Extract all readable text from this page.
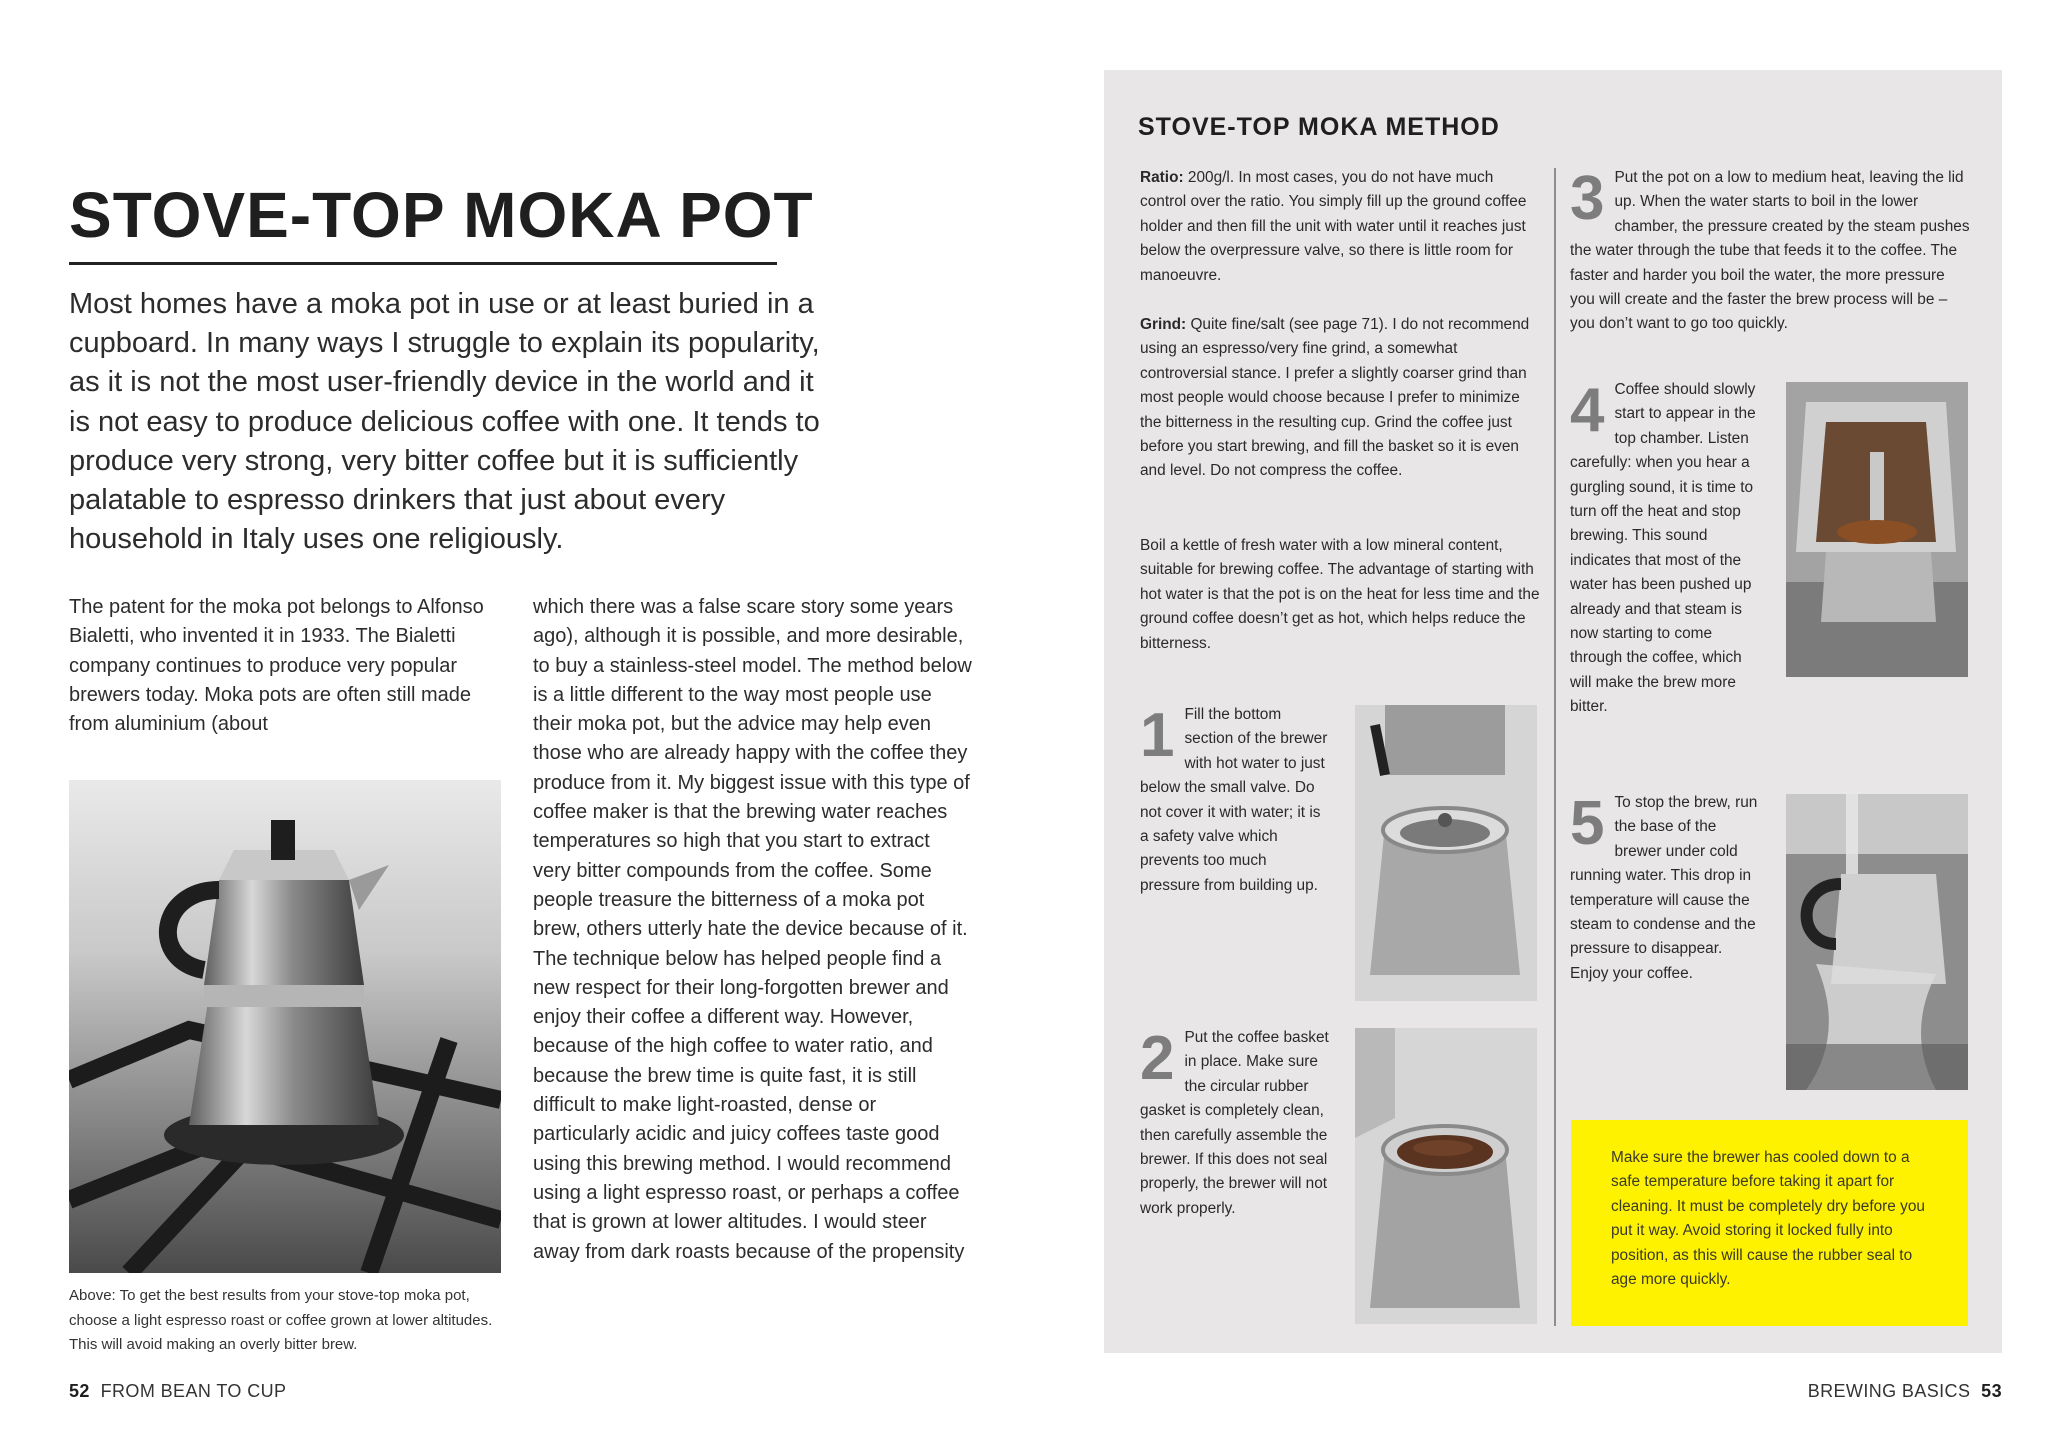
STOVE-TOP MOKA POT

Most homes have a moka pot in use or at least buried in a cupboard. In many ways I struggle to explain its popularity, as it is not the most user-friendly device in the world and it is not easy to produce delicious coffee with one. It tends to produce very strong, very bitter coffee but it is sufficiently palatable to espresso drinkers that just about every household in Italy uses one religiously.

The patent for the moka pot belongs to Alfonso Bialetti, who invented it in 1933. The Bialetti company continues to produce very popular brewers today. Moka pots are often still made from aluminium (about

which there was a false scare story some years ago), although it is possible, and more desirable, to buy a stainless-steel model. The method below is a little different to the way most people use their moka pot, but the advice may help even those who are already happy with the coffee they produce from it. My biggest issue with this type of coffee maker is that the brewing water reaches temperatures so high that you start to extract very bitter compounds from the coffee. Some people treasure the bitterness of a moka pot brew, others utterly hate the device because of it. The technique below has helped people find a new respect for their long-forgotten brewer and enjoy their coffee a different way. However, because of the high coffee to water ratio, and because the brew time is quite fast, it is still difficult to make light-roasted, dense or particularly acidic and juicy coffees taste good using this brewing method. I would recommend using a light espresso roast, or perhaps a coffee that is grown at lower altitudes. I would steer away from dark roasts because of the propensity

Above: To get the best results from your stove-top moka pot, choose a light espresso roast or coffee grown at lower altitudes. This will avoid making an overly bitter brew.

52 FROM BEAN TO CUP
STOVE-TOP MOKA METHOD

Ratio: 200g/l. In most cases, you do not have much control over the ratio. You simply fill up the ground coffee holder and then fill the unit with water until it reaches just below the overpressure valve, so there is little room for manoeuvre.

Grind: Quite fine/salt (see page 71). I do not recommend using an espresso/very fine grind, a somewhat controversial stance. I prefer a slightly coarser grind than most people would choose because I prefer to minimize the bitterness in the resulting cup. Grind the coffee just before you start brewing, and fill the basket so it is even and level. Do not compress the coffee.

Boil a kettle of fresh water with a low mineral content, suitable for brewing coffee. The advantage of starting with hot water is that the pot is on the heat for less time and the ground coffee doesn’t get as hot, which helps reduce the bitterness.

1 Fill the bottom section of the brewer with hot water to just below the small valve. Do not cover it with water; it is a safety valve which prevents too much pressure from building up.

2 Put the coffee basket in place. Make sure the circular rubber gasket is completely clean, then carefully assemble the brewer. If this does not seal properly, the brewer will not work properly.

3 Put the pot on a low to medium heat, leaving the lid up. When the water starts to boil in the lower chamber, the pressure created by the steam pushes the water through the tube that feeds it to the coffee. The faster and harder you boil the water, the more pressure you will create and the faster the brew process will be – you don’t want to go too quickly.

4 Coffee should slowly start to appear in the top chamber. Listen carefully: when you hear a gurgling sound, it is time to turn off the heat and stop brewing. This sound indicates that most of the water has been pushed up already and that steam is now starting to come through the coffee, which will make the brew more bitter.

5 To stop the brew, run the base of the brewer under cold running water. This drop in temperature will cause the steam to condense and the pressure to disappear. Enjoy your coffee.

Make sure the brewer has cooled down to a safe temperature before taking it apart for cleaning. It must be completely dry before you put it way. Avoid storing it locked fully into position, as this will cause the rubber seal to age more quickly.

BREWING BASICS 53
